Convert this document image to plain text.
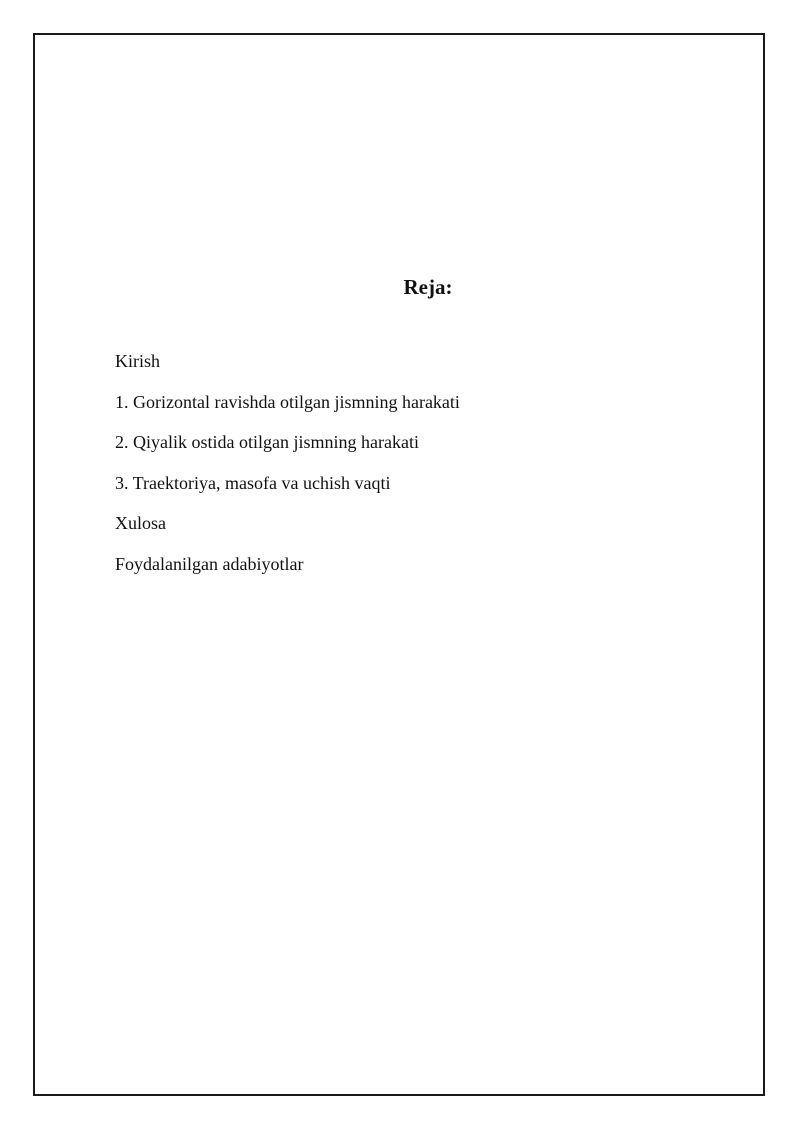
Reja:
Kirish
1. Gorizontal ravishda otilgan jismning harakati
2. Qiyalik ostida otilgan jismning harakati
3. Traektoriya, masofa va uchish vaqti
Xulosa
Foydalanilgan adabiyotlar
